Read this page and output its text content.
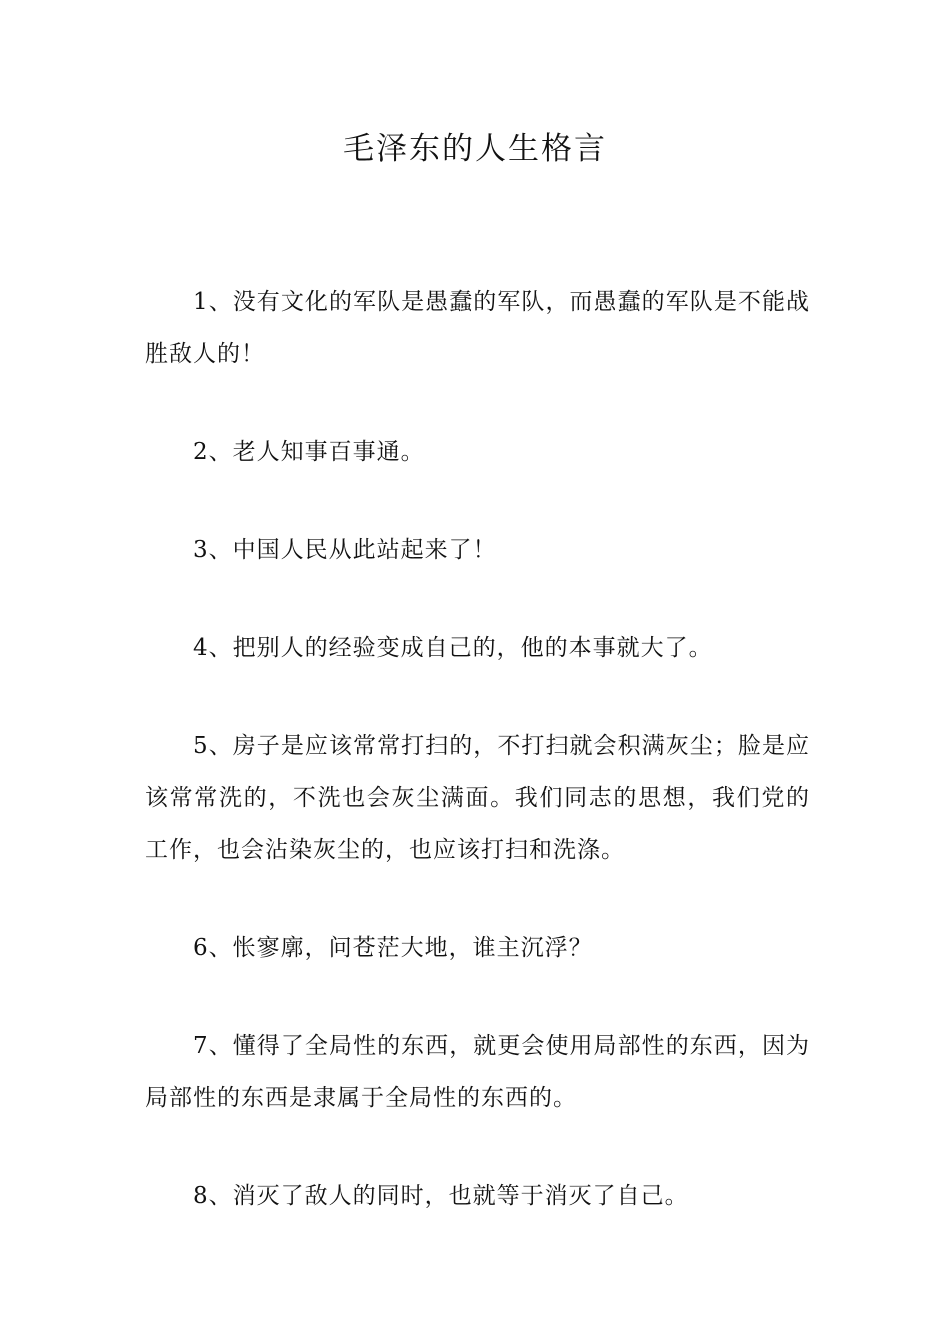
毛泽东的人生格言

1、没有文化的军队是愚蠢的军队，而愚蠢的军队是不能战胜敌人的！

2、老人知事百事通。

3、中国人民从此站起来了！

4、把别人的经验变成自己的，他的本事就大了。

5、房子是应该常常打扫的，不打扫就会积满灰尘；脸是应该常常洗的，不洗也会灰尘满面。我们同志的思想，我们党的工作，也会沾染灰尘的，也应该打扫和洗涤。

6、怅寥廓，问苍茫大地，谁主沉浮？

7、懂得了全局性的东西，就更会使用局部性的东西，因为局部性的东西是隶属于全局性的东西的。

8、消灭了敌人的同时，也就等于消灭了自己。
